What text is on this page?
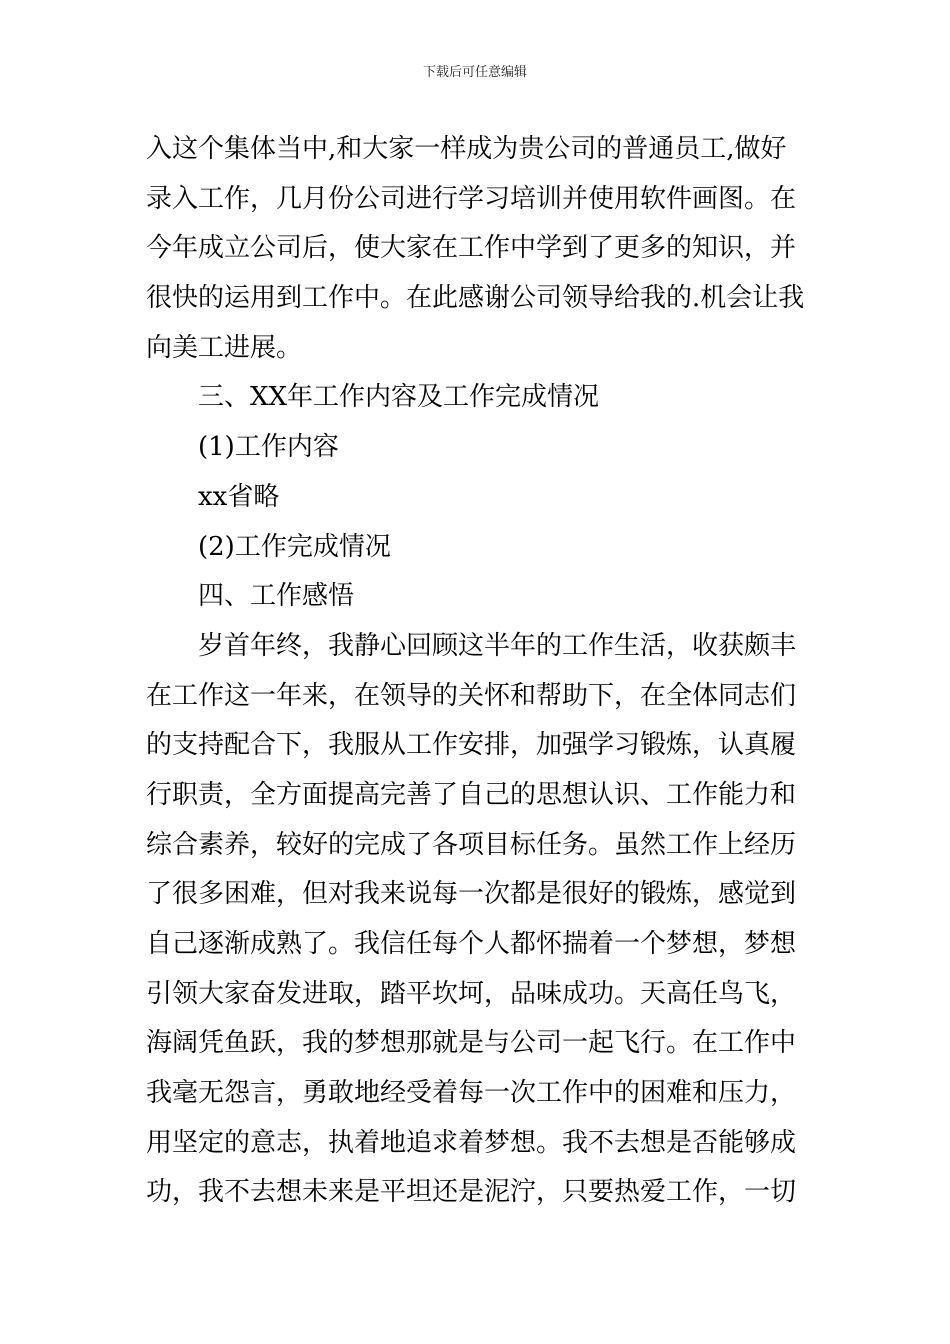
下载后可任意编辑
入这个集体当中,和大家一样成为贵公司的普通员工,做好
录入工作，几月份公司进行学习培训并使用软件画图。在
今年成立公司后，使大家在工作中学到了更多的知识，并
很快的运用到工作中。在此感谢公司领导给我的.机会让我
向美工进展。
三、XX年工作内容及工作完成情况
(1)工作内容
xx省略
(2)工作完成情况
四、工作感悟
岁首年终，我静心回顾这半年的工作生活，收获颇丰
在工作这一年来，在领导的关怀和帮助下，在全体同志们
的支持配合下，我服从工作安排，加强学习锻炼，认真履
行职责，全方面提高完善了自己的思想认识、工作能力和
综合素养，较好的完成了各项目标任务。虽然工作上经历
了很多困难，但对我来说每一次都是很好的锻炼，感觉到
自己逐渐成熟了。我信任每个人都怀揣着一个梦想，梦想
引领大家奋发进取，踏平坎坷，品味成功。天高任鸟飞，
海阔凭鱼跃，我的梦想那就是与公司一起飞行。在工作中
我毫无怨言，勇敢地经受着每一次工作中的困难和压力，
用坚定的意志，执着地追求着梦想。我不去想是否能够成
功，我不去想未来是平坦还是泥泞，只要热爱工作，一切
